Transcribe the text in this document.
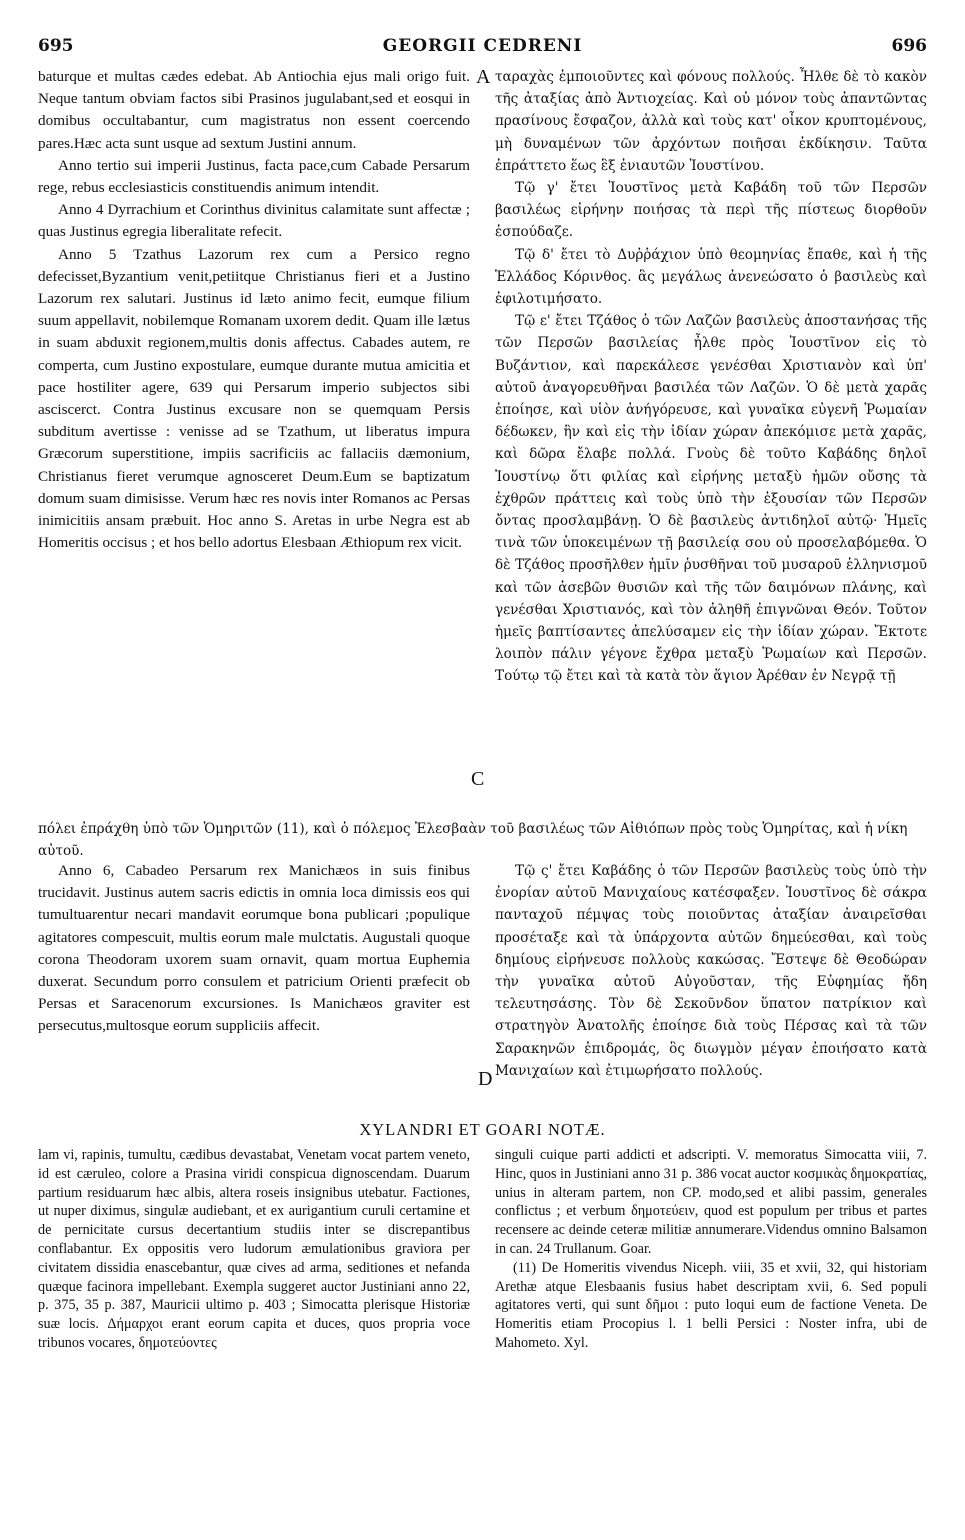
695	GEORGII CEDRENI	696

baturque et multas cædes edebat. Ab Antiochia ejus mali origo fuit. Neque tantum obviam factos sibi Prasinos jugulabant,sed et eosqui in domibus occultabantur, cum magistratus non essent coercendo pares.Hæc acta sunt usque ad sextum Justini annum.

Anno tertio sui imperii Justinus, facta pace,cum Cabade Persarum rege, rebus ecclesiasticis constituendis animum intendit.

Anno 4 Dyrrachium et Corinthus divinitus calamitate sunt affectæ ; quas Justinus egregia liberalitate refecit.

Anno 5 Tzathus Lazorum rex cum a Persico regno defecisset,Byzantium venit,petiitque Christianus fieri et a Justino Lazorum rex salutari. Justinus id læto animo fecit, eumque filium suum appellavit, nobilemque Romanam uxorem dedit. Quam ille lætus in suam abduxit regionem,multis donis affectus. Cabades autem, re comperta, cum Justino expostulare, eumque durante mutua amicitia et pace hostiliter agere, 639 qui Persarum imperio subjectos sibi asciscerct. Contra Justinus excusare non se quemquam Persis subditum avertisse : venisse ad se Tzathum, ut liberatus impura Græcorum superstitione, impiis sacrificiis ac fallaciis dæmonium, Christianus fieret verumque agnosceret Deum.Eum se baptizatum domum suam dimisisse. Verum hæc res novis inter Romanos ac Persas inimicitiis ansam præbuit. Hoc anno S. Aretas in urbe Negra est ab Homeritis occisus ; et hos bello adortus Elesbaan Æthiopum rex vicit.

A
C

ταραχὰς ἐμποιοῦντες καὶ φόνους πολλούς. Ἦλθε δὲ τὸ κακὸν τῆς ἀταξίας ἀπὸ Ἀντιοχείας. Καὶ οὐ μόνον τοὺς ἀπαντῶντας πρασίνους ἔσφαζον, ἀλλὰ καὶ τοὺς κατ' οἶκον κρυπτομένους, μὴ δυναμένων τῶν ἀρχόντων ποιῆσαι ἐκδίκησιν. Ταῦτα ἐπράττετο ἕως ἓξ ἐνιαυτῶν Ἰουστίνου.

Τῷ γ' ἔτει Ἰουστῖνος μετὰ Καβάδη τοῦ τῶν Περσῶν βασιλέως εἰρήνην ποιήσας τὰ περὶ τῆς πίστεως διορθοῦν ἐσπούδαζε.

Τῷ δ' ἔτει τὸ Δυῤῥάχιον ὑπὸ θεομηνίας ἔπαθε, καὶ ἡ τῆς Ἑλλάδος Κόρινθος. ἃς μεγάλως ἀνενεώσατο ὁ βασιλεὺς καὶ ἐφιλοτιμήσατο.

Τῷ ε' ἔτει Τζάθος ὁ τῶν Λαζῶν βασιλεὺς ἀποστανήσας τῆς τῶν Περσῶν βασιλείας ἦλθε πρὸς Ἰουστῖνον εἰς τὸ Βυζάντιον, καὶ παρεκάλεσε γενέσθαι Χριστιανὸν καὶ ὑπ' αὐτοῦ ἀναγορευθῆναι βασιλέα τῶν Λαζῶν. Ὁ δὲ μετὰ χαρᾶς ἐποίησε, καὶ υἱὸν ἀνήγόρευσε, καὶ γυναῖκα εὐγενῆ Ῥωμαίαν δέδωκεν, ἣν καὶ εἰς τὴν ἰδίαν χώραν ἀπεκόμισε μετὰ χαρᾶς, καὶ δῶρα ἔλαβε πολλά. Γνοὺς δὲ τοῦτο Καβάδης δηλοῖ Ἰουστίνῳ ὅτι φιλίας καὶ εἰρήνης μεταξὺ ἡμῶν οὔσης τὰ ἐχθρῶν πράττεις καὶ τοὺς ὑπὸ τὴν ἐξουσίαν τῶν Περσῶν ὄντας προσλαμβάνῃ. Ὁ δὲ βασιλεὺς ἀντιδηλοῖ αὐτῷ· Ἡμεῖς τινὰ τῶν ὑποκειμένων τῇ βασιλείᾳ σου οὐ προσελαβόμεθα. Ὁ δὲ Τζάθος προσῆλθεν ἡμῖν ῥυσθῆναι τοῦ μυσαροῦ ἑλληνισμοῦ καὶ τῶν ἀσεβῶν θυσιῶν καὶ τῆς τῶν δαιμόνων πλάνης, καὶ γενέσθαι Χριστιανός, καὶ τὸν ἀληθῆ ἐπιγνῶναι Θεόν. Τοῦτον ἡμεῖς βαπτίσαντες ἀπελύσαμεν εἰς τὴν ἰδίαν χώραν. Ἔκτοτε λοιπὸν πάλιν γέγονε ἔχθρα μεταξὺ Ῥωμαίων καὶ Περσῶν. Τούτῳ τῷ ἔτει καὶ τὰ κατὰ τὸν ἅγιον Ἀρέθαν ἐν Νεγρᾷ τῇ

πόλει ἐπράχθη ὑπὸ τῶν Ὁμηριτῶν (11), καὶ ὁ πόλεμος Ἐλεσβαὰν τοῦ βασιλέως τῶν Αἰθιόπων πρὸς τοὺς Ὁμηρίτας, καὶ ἡ νίκη αὐτοῦ.

Anno 6, Cabadeo Persarum rex Manichæos in suis finibus trucidavit. Justinus autem sacris edictis in omnia loca dimissis eos qui tumultuarentur necari mandavit eorumque bona publicari ;populique agitatores compescuit, multis eorum male mulctatis. Augustali quoque corona Theodoram uxorem suam ornavit, quam mortua Euphemia duxerat. Secundum porro consulem et patricium Orienti præfecit ob Persas et Saracenorum excursiones. Is Manichæos graviter est persecutus,multosque eorum suppliciis affecit.

D

Τῷ ς' ἔτει Καβάδης ὁ τῶν Περσῶν βασιλεὺς τοὺς ὑπὸ τὴν ἐνορίαν αὐτοῦ Μανιχαίους κατέσφαξεν. Ἰουστῖνος δὲ σάκρα πανταχοῦ πέμψας τοὺς ποιοῦντας ἀταξίαν ἀναιρεῖσθαι προσέταξε καὶ τὰ ὑπάρχοντα αὐτῶν δημεύεσθαι, καὶ τοὺς δημίους εἰρήνευσε πολλοὺς κακώσας. Ἔστεψε δὲ Θεοδώραν τὴν γυναῖκα αὐτοῦ Αὐγοῦσταν, τῆς Εὐφημίας ἤδη τελευτησάσης. Τὸν δὲ Σεκοῦνδον ὕπατον πατρίκιον καὶ στρατηγὸν Ἀνατολῆς ἐποίησε διὰ τοὺς Πέρσας καὶ τὰ τῶν Σαρακηνῶν ἐπιδρομάς, ὃς διωγμὸν μέγαν ἐποιήσατο κατὰ Μανιχαίων καὶ ἐτιμωρήσατο πολλούς.

XYLANDRI ET GOARI NOTÆ.

lam vi, rapinis, tumultu, cædibus devastabat, Venetam vocat partem veneto, id est cæruleo, colore a Prasina viridi conspicua dignoscendam. Duarum partium residuarum hæc albis, altera roseis insignibus utebatur. Factiones, ut nuper diximus, singulæ audiebant, et ex aurigantium curuli certamine et de pernicitate cursus decertantium studiis inter se discrepantibus conflabantur. Ex oppositis vero ludorum æmulationibus graviora per civitatem dissidia enascebantur, quæ cives ad arma, seditiones et nefanda quæque facinora impellebant. Exempla suggeret auctor Justiniani anno 22, p. 375, 35 p. 387, Mauricii ultimo p. 403 ; Simocatta plerisque Historiæ suæ locis. Δήμαρχοι erant eorum capita et duces, quos propria voce tribunos vocares, δημοτεύοντες

singuli cuique parti addicti et adscripti. V. memoratus Simocatta viii, 7. Hinc, quos in Justiniani anno 31 p. 386 vocat auctor κοσμικὰς δημοκρατίας, unius in alteram partem, non CP. modo,sed et alibi passim, generales conflictus ; et verbum δημοτεύειν, quod est populum per tribus et partes recensere ac deinde ceteræ militiæ annumerare.Videndus omnino Balsamon in can. 24 Trullanum. Goar.

(11) De Homeritis vivendus Niceph. viii, 35 et xvii, 32, qui historiam Arethæ atque Elesbaanis fusius habet descriptam xvii, 6. Sed populi agitatores verti, qui sunt δῆμοι : puto loqui eum de factione Veneta. De Homeritis etiam Procopius l. 1 belli Persici : Noster infra, ubi de Mahometo. Xyl.
